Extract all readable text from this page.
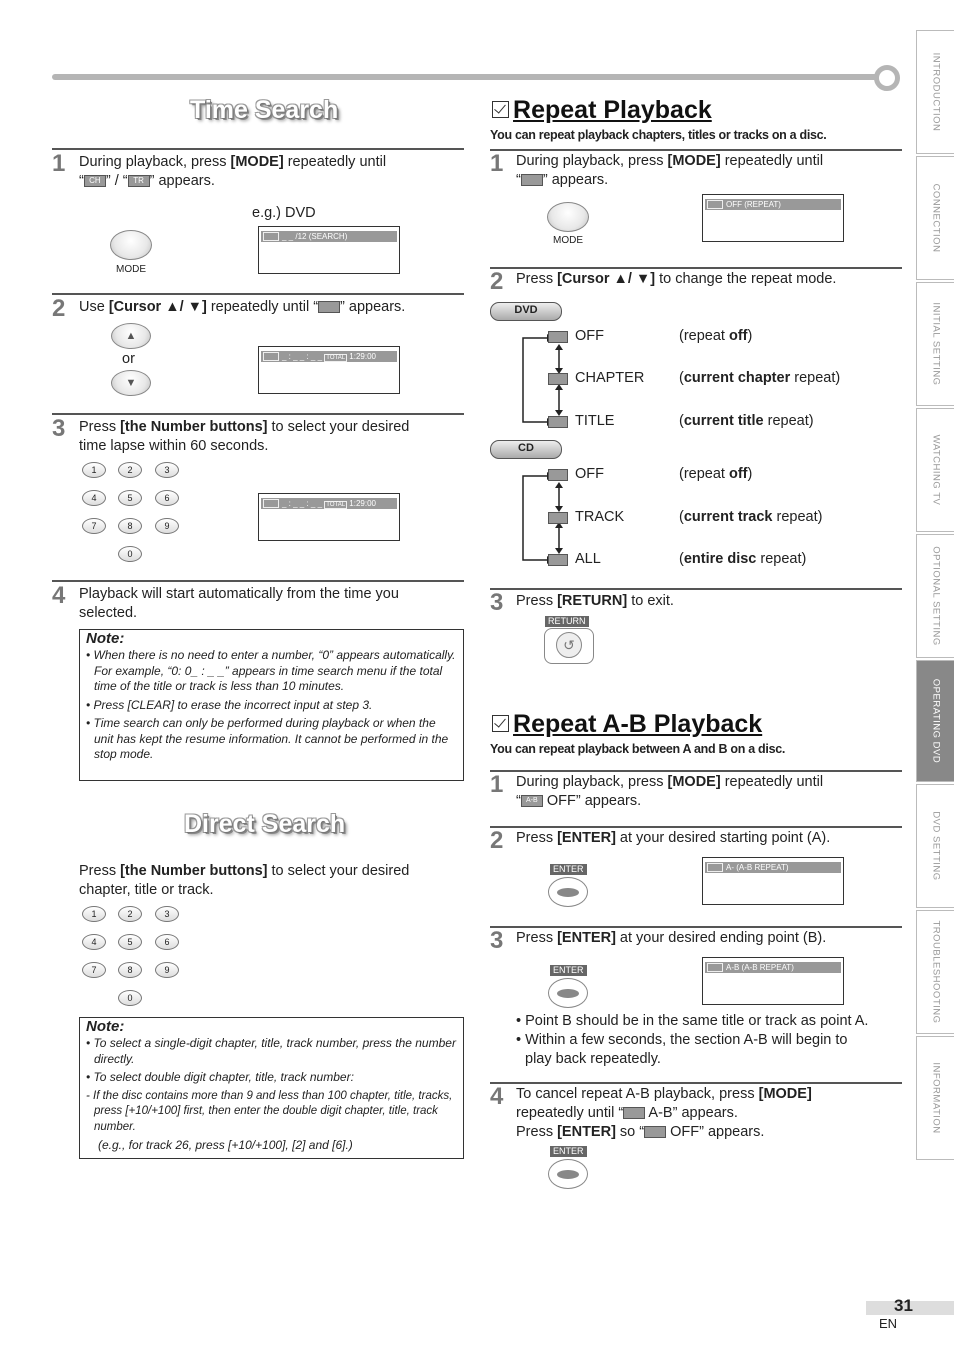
Time Search
1 During playback, press [MODE] repeatedly until
“ CH ” / “ TR ” appears.
e.g.) DVD
MODE
_ _ /12 (SEARCH)
2 Use [Cursor ▲/ ▼] repeatedly until “ ” appears.
▲
or
▼
_ : _ _ : _ _ TOTAL 1:29:00
3 Press [the Number buttons] to select your desired
time lapse within 60 seconds.
1	2	3
4	5	6
7	8	9
0
_ : _ _ : _ _ TOTAL 1:29:00
4 Playback will start automatically from the time you
selected.
Note:
• When there is no need to enter a number, “0” appears automatically. For example, “0: 0_ : _ _” appears in time search menu if the total time of the title or track is less than 10 minutes.
• Press [CLEAR] to erase the incorrect input at step 3.
• Time search can only be performed during playback or when the unit has kept the resume information. It cannot be performed in the stop mode.
Direct Search
Press [the Number buttons] to select your desired
chapter, title or track.
1	2	3
4	5	6
7	8	9
0
Note:
• To select a single-digit chapter, title, track number, press the number directly.
• To select double digit chapter, title, track number:
- If the disc contains more than 9 and less than 100 chapter, title, tracks, press [+10/+100] first, then enter the double digit chapter, title, track number.
(e.g., for track 26, press [+10/+100], [2] and [6].)
Repeat Playback
You can repeat playback chapters, titles or tracks on a disc.
1 During playback, press [MODE] repeatedly until
“ ” appears.
MODE
OFF (REPEAT)
2 Press [Cursor ▲/ ▼] to change the repeat mode.
DVD
OFF	(repeat off)
CHAPTER (current chapter repeat)
TITLE	(current title repeat)
CD
OFF	(repeat off)
TRACK	(current track repeat)
ALL	(entire disc repeat)
3 Press [RETURN] to exit.
RETURN
↺
Repeat A-B Playback
You can repeat playback between A and B on a disc.
1 During playback, press [MODE] repeatedly until
“ A-B OFF” appears.
2 Press [ENTER] at your desired starting point (A).
ENTER	A- (A-B REPEAT)
3 Press [ENTER] at your desired ending point (B).
ENTER	A-B (A-B REPEAT)
• Point B should be in the same title or track as point A.
• Within a few seconds, the section A-B will begin to
play back repeatedly.
4 To cancel repeat A-B playback, press [MODE]
repeatedly until “ A-B” appears.
Press [ENTER] so “ OFF” appears.
ENTER
INTRODUCTION
CONNECTION
INITIAL SETTING
WATCHING TV
OPTIONAL SETTING
OPERATING DVD
DVD SETTING
TROUBLESHOOTING
INFORMATION
31
EN
